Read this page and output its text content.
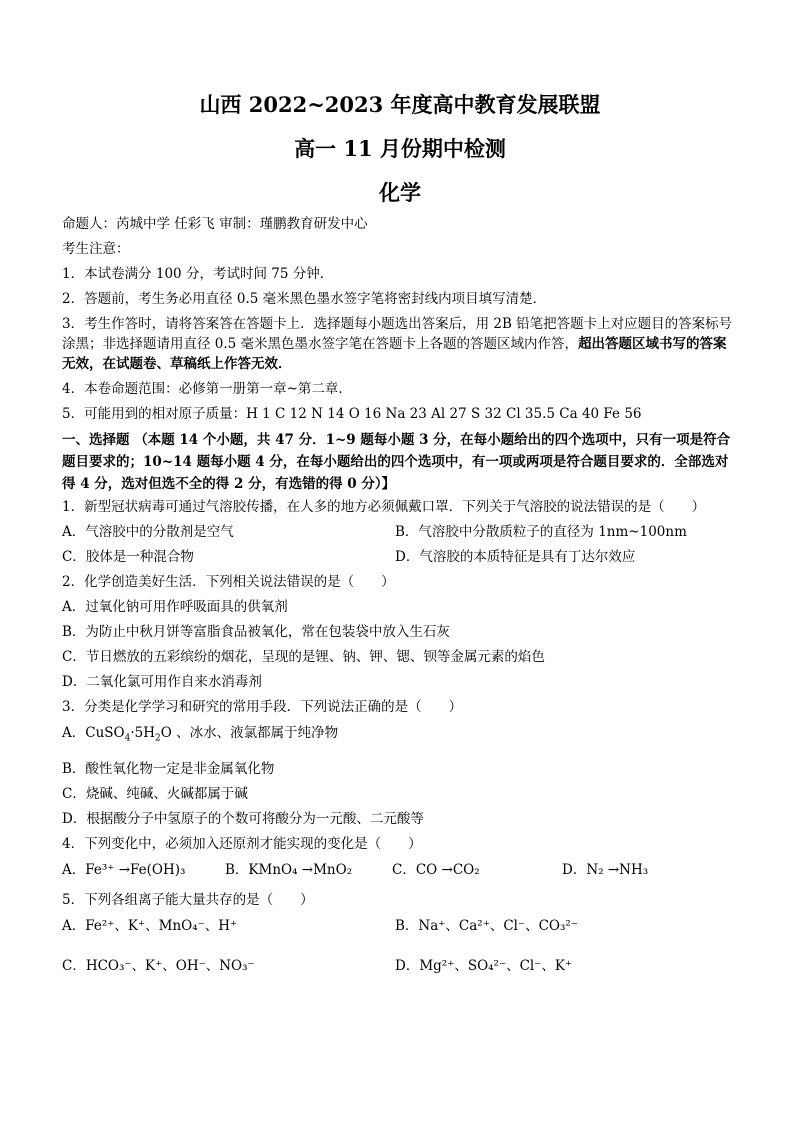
山西 2022~2023 年度高中教育发展联盟
高一 11 月份期中检测
化学
命题人：芮城中学 任彩飞 审制：瑾鹏教育研发中心
考生注意：
1．本试卷满分 100 分，考试时间 75 分钟．
2．答题前，考生务必用直径 0.5 毫米黑色墨水签字笔将密封线内项目填写清楚．
3．考生作答时，请将答案答在答题卡上．选择题每小题选出答案后，用 2B 铅笔把答题卡上对应题目的答案标号涂黑；非选择题请用直径 0.5 毫米黑色墨水签字笔在答题卡上各题的答题区域内作答，超出答题区域书写的答案无效，在试题卷、草稿纸上作答无效．
4．本卷命题范围：必修第一册第一章~第二章．
5．可能用到的相对原子质量：H 1 C 12 N 14 O 16 Na 23 Al 27 S 32 Cl 35.5 Ca 40 Fe 56
一、选择题 （本题 14 个小题，共 47 分．1~9 题每小题 3 分，在每小题给出的四个选项中，只有一项是符合题目要求的；10~14 题每小题 4 分，在每小题给出的四个选项中，有一项或两项是符合题目要求的．全部选对得 4 分，选对但选不全的得 2 分，有选错的得 0 分）】
1．新型冠状病毒可通过气溶胶传播，在人多的地方必须佩戴口罩．下列关于气溶胶的说法错误的是（　　）
A．气溶胶中的分散剂是空气	B．气溶胶中分散质粒子的直径为 1nm~100nm
C．胶体是一种混合物	D．气溶胶的本质特征是具有丁达尔效应
2．化学创造美好生活．下列相关说法错误的是（　　）
A．过氧化钠可用作呼吸面具的供氧剂
B．为防止中秋月饼等富脂食品被氧化，常在包装袋中放入生石灰
C．节日燃放的五彩缤纷的烟花，呈现的是锂、钠、钾、锶、钡等金属元素的焰色
D．二氧化氯可用作自来水消毒剂
3．分类是化学学习和研究的常用手段．下列说法正确的是（　　）
A．$CuSO_4\cdot 5H_2O$ 、冰水、液氯都属于纯净物
B．酸性氧化物一定是非金属氧化物
C．烧碱、纯碱、火碱都属于碱
D．根据酸分子中氢原子的个数可将酸分为一元酸、二元酸等
4．下列变化中，必须加入还原剂才能实现的变化是（　　）
A．Fe³⁺ →Fe(OH)₃	B．KMnO₄ →MnO₂	C．CO →CO₂	D．N₂ →NH₃
5．下列各组离子能大量共存的是（　　）
A．Fe²⁺、K⁺、MnO₄⁻、H⁺	B．Na⁺、Ca²⁺、Cl⁻、CO₃²⁻
C．HCO₃⁻、K⁺、OH⁻、NO₃⁻	D．Mg²⁺、SO₄²⁻、Cl⁻、K⁺
